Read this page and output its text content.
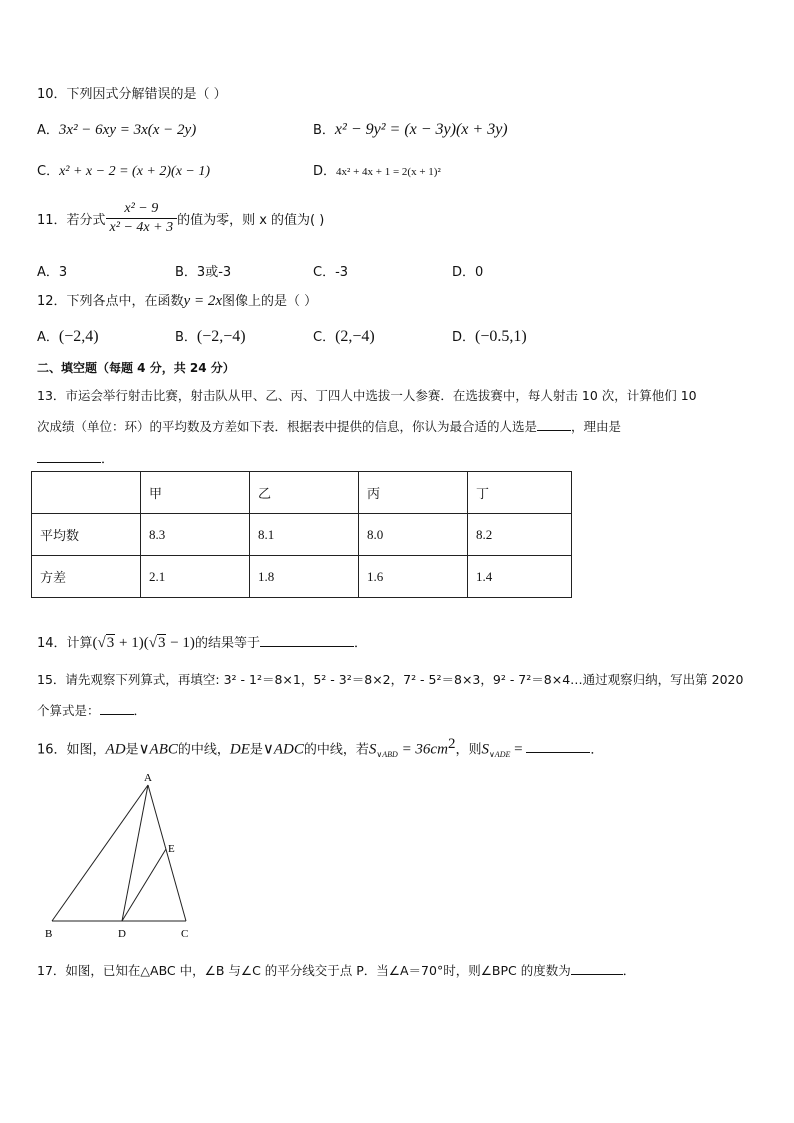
10．下列因式分解错误的是（ ）
A．3x² − 6xy = 3x(x − 2y)	B．x² − 9y² = (x − 3y)(x + 3y)
C．x² + x − 2 = (x + 2)(x − 1)	D．4x² + 4x + 1 = 2(x + 1)²
11．若分式 $\frac{\text{x² − 9}}{\text{x² − 4x + 3}}$ 的值为零，则 x 的值为( )
A．3	B．3或-3	C．-3	D．0
12．下列各点中，在函数y = 2x图像上的是（ ）
A．(−2,4)	B．(−2,−4)	C．(2,−4)	D．(−0.5,1)
二、填空题（每题 4 分，共 24 分）
13．市运会举行射击比赛，射击队从甲、乙、丙、丁四人中选拔一人参赛．在选拔赛中，每人射击 10 次，计算他们 10
次成绩（单位：环）的平均数及方差如下表．根据表中提供的信息，你认为最合适的人选是	，理由是
．
	甲	乙	丙	丁
平均数	8.3	8.1	8.0	8.2
方差	2.1	1.8	1.6	1.4
14．计算(√3 + 1)(√3 − 1)的结果等于	．
15．请先观察下列算式，再填空: 3² - 1²＝8×1，5² - 3²＝8×2，7² - 5²＝8×3，9² - 7²＝8×4…通过观察归纳，写出第 2020
个算式是：	．
16．如图，AD是∨ABC的中线，DE是∨ADC的中线，若$S_{\vee ABD} = 36cm^2$，则$S_{\vee ADE}$ =	．
A
B	D	C
E
17．如图，已知在△ABC 中，∠B 与∠C 的平分线交于点 P．当∠A＝70°时，则∠BPC 的度数为	．
